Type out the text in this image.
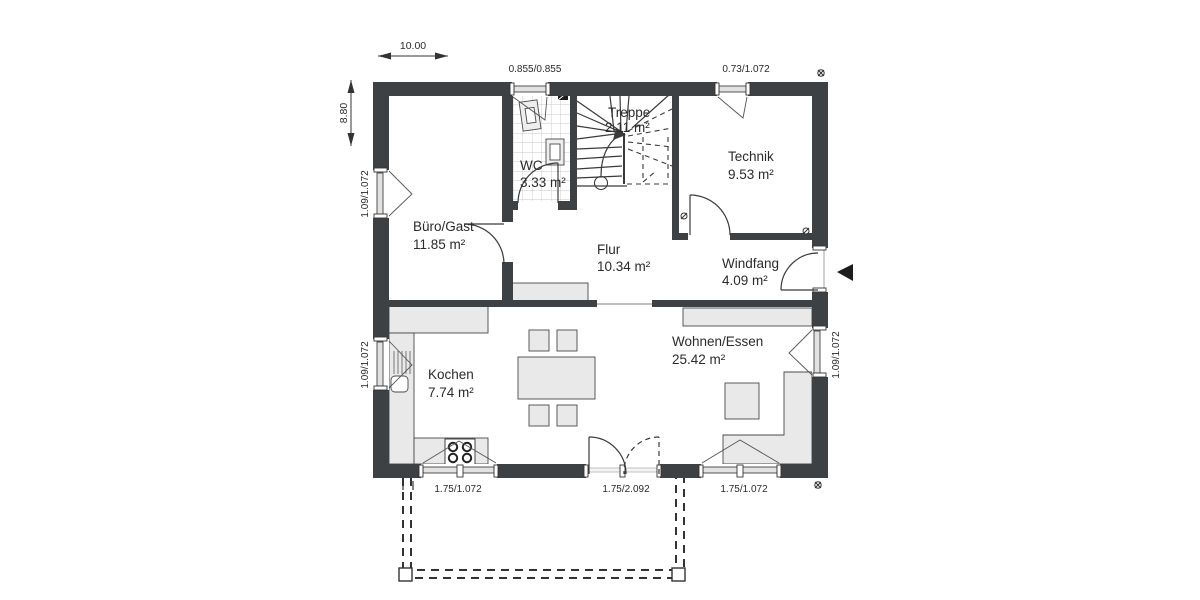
10.00
8.80
0.855/0.855	0.73/1.072
1.09/1.072
1.09/1.072	1.09/1.072
1.75/1.072	1.75/2.092	1.75/1.072
Büro/Gast
11.85 m²
WC
3.33 m²
Treppe
2.11 m²
Technik
9.53 m²
Flur
10.34 m²	Windfang
4.09 m²
Kochen
7.74 m²
Wohnen/Essen
25.42 m²
